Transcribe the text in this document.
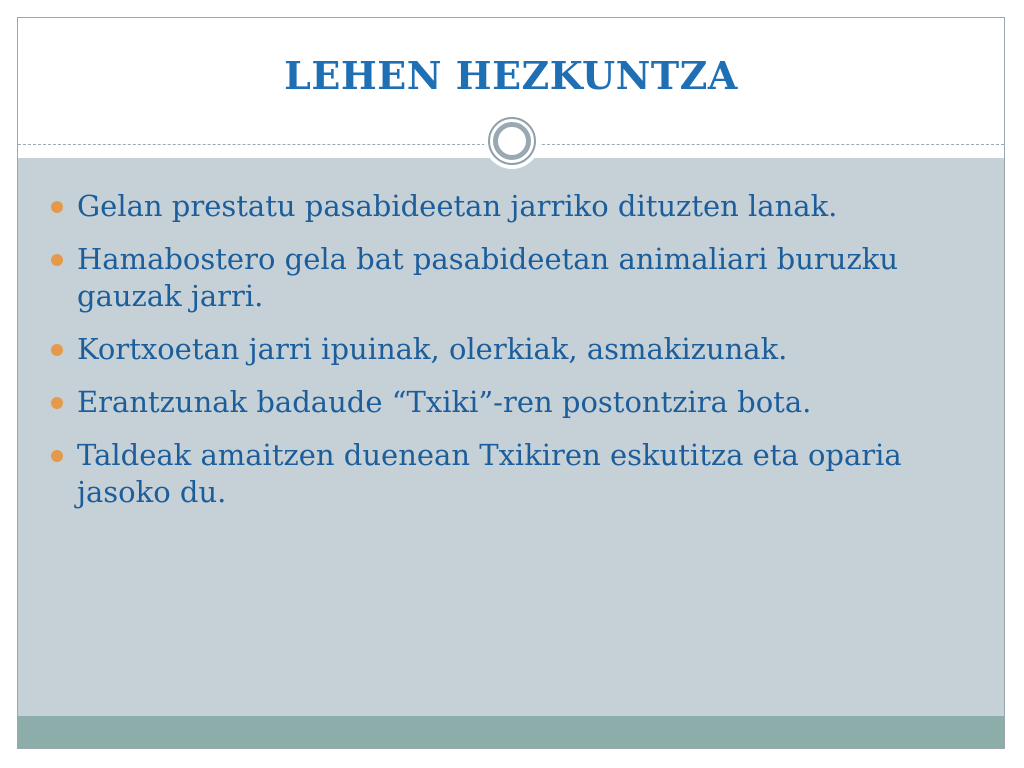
LEHEN HEZKUNTZA
Gelan prestatu pasabideetan jarriko dituzten lanak.
Hamabostero gela bat pasabideetan animaliari buruzku gauzak jarri.
Kortxoetan jarri ipuinak, olerkiak, asmakizunak.
Erantzunak badaude “Txiki”-ren postontzira bota.
Taldeak amaitzen duenean Txikiren eskutitza eta oparia jasoko du.
